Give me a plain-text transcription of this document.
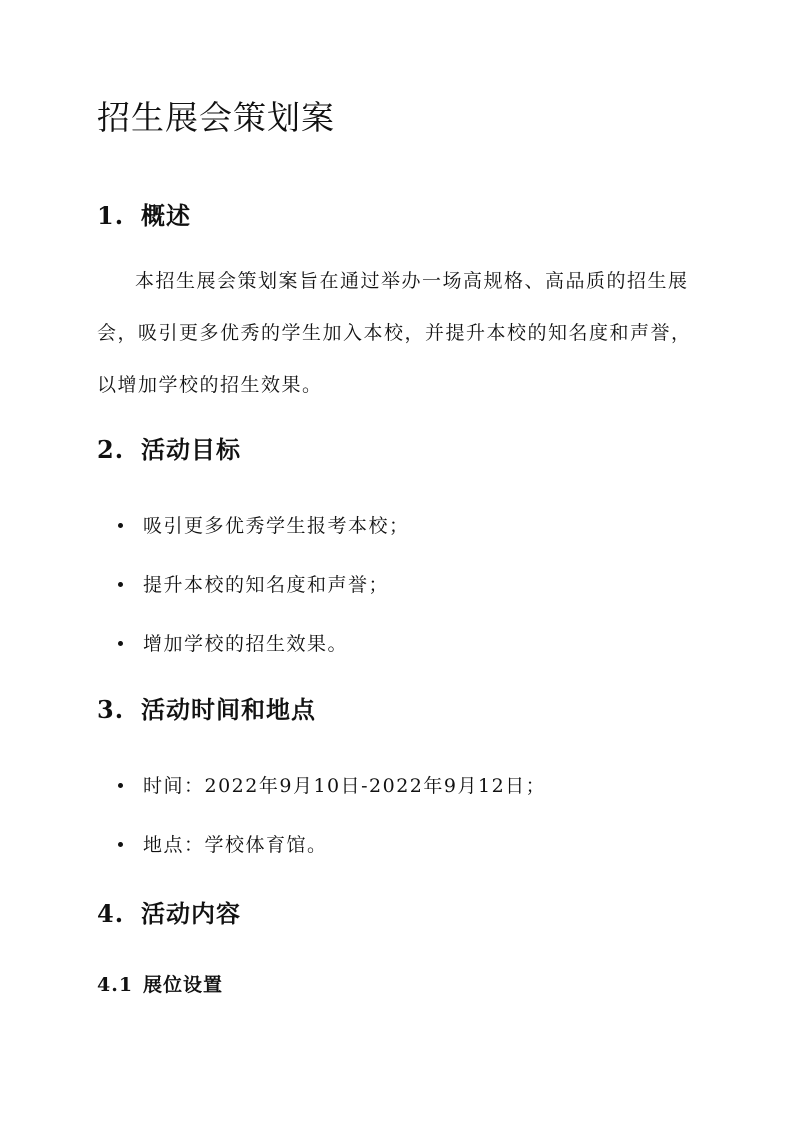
招生展会策划案
1. 概述

本招生展会策划案旨在通过举办一场高规格、高品质的招生展会，吸引更多优秀的学生加入本校，并提升本校的知名度和声誉，以增加学校的招生效果。

2. 活动目标
吸引更多优秀学生报考本校；
提升本校的知名度和声誉；
增加学校的招生效果。
3. 活动时间和地点
时间：2022年9月10日-2022年9月12日；
地点：学校体育馆。
4. 活动内容
4.1 展位设置
